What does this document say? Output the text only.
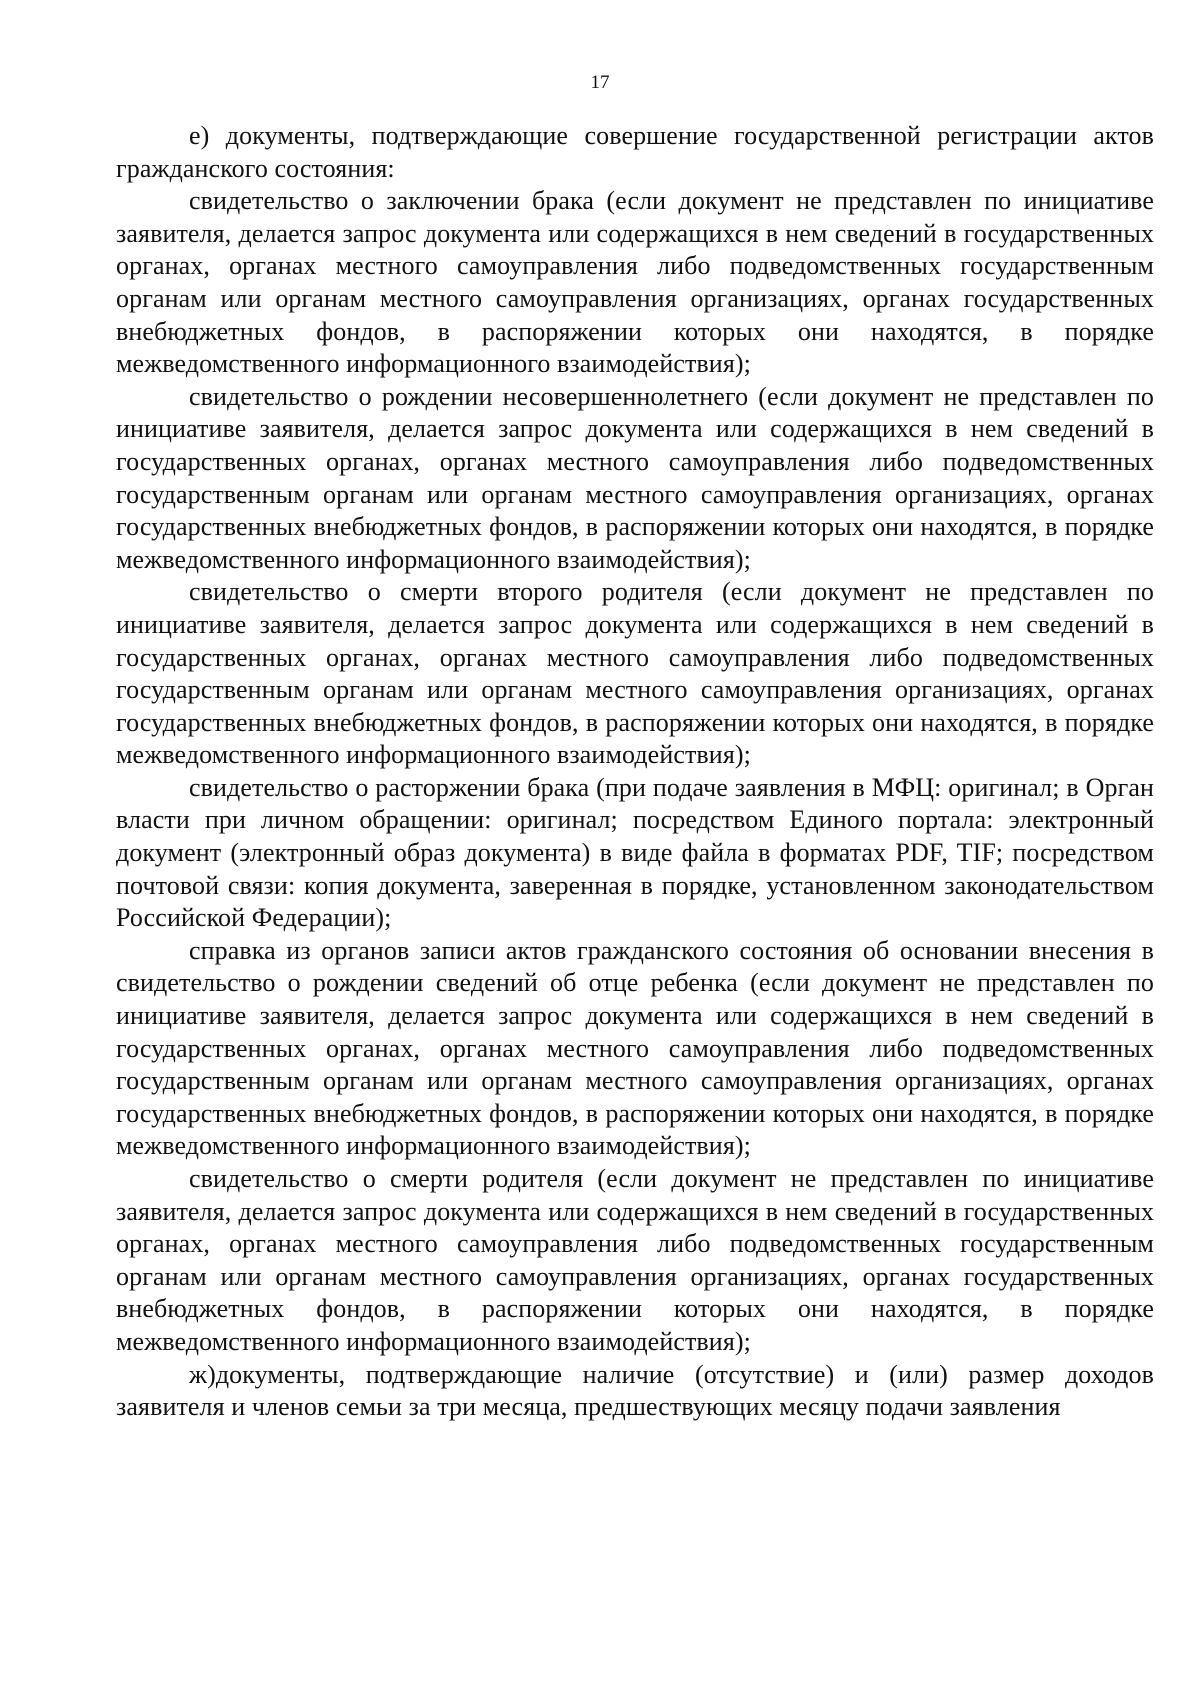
17

е) документы, подтверждающие совершение государственной регистрации актов гражданского состояния:

свидетельство о заключении брака (если документ не представлен по инициативе заявителя, делается запрос документа или содержащихся в нем сведений в государственных органах, органах местного самоуправления либо подведомственных государственным органам или органам местного самоуправления организациях, органах государственных внебюджетных фондов, в распоряжении которых они находятся, в порядке межведомственного информационного взаимодействия);

свидетельство о рождении несовершеннолетнего (если документ не представлен по инициативе заявителя, делается запрос документа или содержащихся в нем сведений в государственных органах, органах местного самоуправления либо подведомственных государственным органам или органам местного самоуправления организациях, органах государственных внебюджетных фондов, в распоряжении которых они находятся, в порядке межведомственного информационного взаимодействия);

свидетельство о смерти второго родителя (если документ не представлен по инициативе заявителя, делается запрос документа или содержащихся в нем сведений в государственных органах, органах местного самоуправления либо подведомственных государственным органам или органам местного самоуправления организациях, органах государственных внебюджетных фондов, в распоряжении которых они находятся, в порядке межведомственного информационного взаимодействия);

свидетельство о расторжении брака (при подаче заявления в МФЦ: оригинал; в Орган власти при личном обращении: оригинал; посредством Единого портала: электронный документ (электронный образ документа) в виде файла в форматах PDF, TIF; посредством почтовой связи: копия документа, заверенная в порядке, установленном законодательством Российской Федерации);

справка из органов записи актов гражданского состояния об основании внесения в свидетельство о рождении сведений об отце ребенка (если документ не представлен по инициативе заявителя, делается запрос документа или содержащихся в нем сведений в государственных органах, органах местного самоуправления либо подведомственных государственным органам или органам местного самоуправления организациях, органах государственных внебюджетных фондов, в распоряжении которых они находятся, в порядке межведомственного информационного взаимодействия);

свидетельство о смерти родителя (если документ не представлен по инициативе заявителя, делается запрос документа или содержащихся в нем сведений в государственных органах, органах местного самоуправления либо подведомственных государственным органам или органам местного самоуправления организациях, органах государственных внебюджетных фондов, в распоряжении которых они находятся, в порядке межведомственного информационного взаимодействия);

ж)документы, подтверждающие наличие (отсутствие) и (или) размер доходов заявителя и членов семьи за три месяца, предшествующих месяцу подачи заявления
